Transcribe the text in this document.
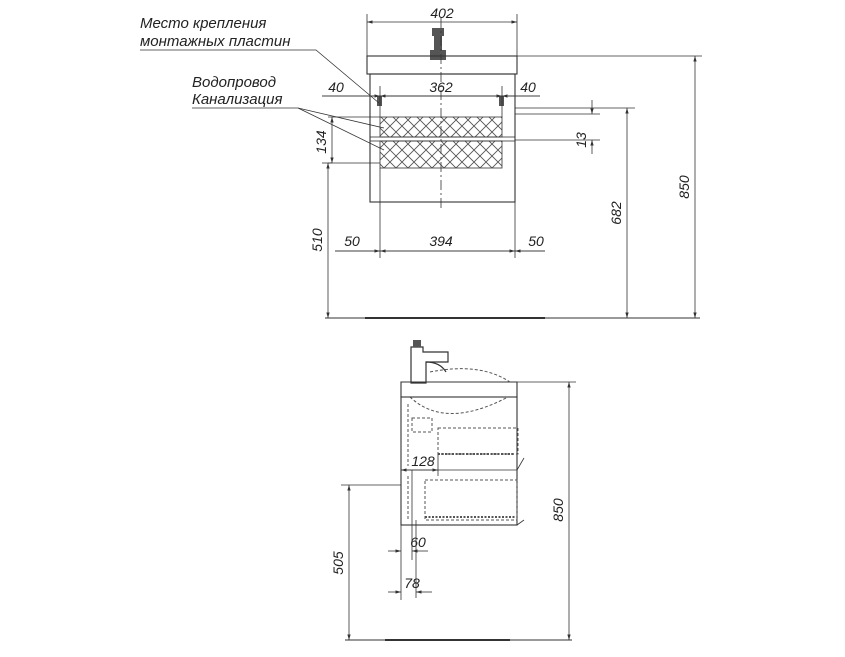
402
40	362	40
134	13
682
850
510 50	394	50
Место крепления
монтажных пластин
Водопровод
Канализация
128
850
505
60
78
